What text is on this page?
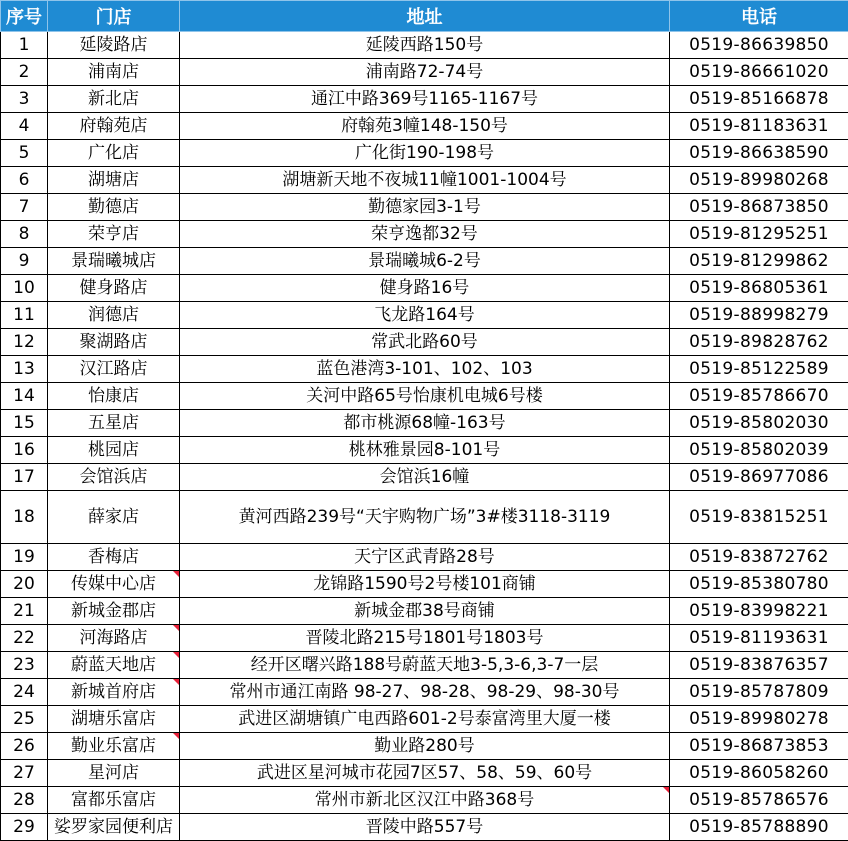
序号	门店	地址	电话
1	延陵路店	延陵西路150号	0519-86639850
2	浦南店	浦南路72-74号	0519-86661020
3	新北店	通江中路369号1165-1167号	0519-85166878
4	府翰苑店	府翰苑3幢148-150号	0519-81183631
5	广化店	广化街190-198号	0519-86638590
6	湖塘店	湖塘新天地不夜城11幢1001-1004号	0519-89980268
7	勤德店	勤德家园3-1号	0519-86873850
8	荣亨店	荣亨逸都32号	0519-81295251
9	景瑞曦城店	景瑞曦城6-2号	0519-81299862
10	健身路店	健身路16号	0519-86805361
11	润德店	飞龙路164号	0519-88998279
12	聚湖路店	常武北路60号	0519-89828762
13	汉江路店	蓝色港湾3-101、102、103	0519-85122589
14	怡康店	关河中路65号怡康机电城6号楼	0519-85786670
15	五星店	都市桃源68幢-163号	0519-85802030
16	桃园店	桃林雅景园8-101号	0519-85802039
17	会馆浜店	会馆浜16幢	0519-86977086
18	薛家店	黄河西路239号“天宇购物广场”3#楼3118-3119	0519-83815251
19	香梅店	天宁区武青路28号	0519-83872762
20	传媒中心店	龙锦路1590号2号楼101商铺	0519-85380780
21	新城金郡店	新城金郡38号商铺	0519-83998221
22	河海路店	晋陵北路215号1801号1803号	0519-81193631
23	蔚蓝天地店	经开区曙兴路188号蔚蓝天地3-5,3-6,3-7一层	0519-83876357
24	新城首府店	常州市通江南路 98-27、98-28、98-29、98-30号	0519-85787809
25	湖塘乐富店	武进区湖塘镇广电西路601-2号泰富湾里大厦一楼	0519-89980278
26	勤业乐富店	勤业路280号	0519-86873853
27	星河店	武进区星河城市花园7区57、58、59、60号	0519-86058260
28	富都乐富店	常州市新北区汉江中路368号	0519-85786576
29	娑罗家园便利店	晋陵中路557号	0519-85788890
